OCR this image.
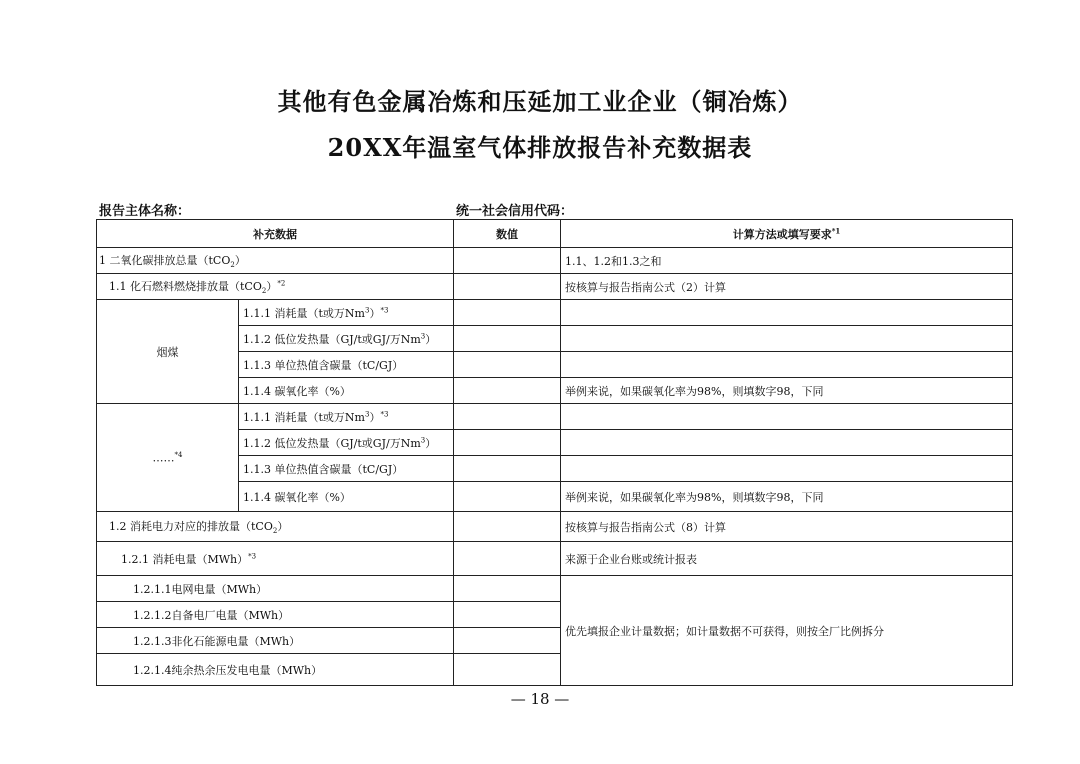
其他有色金属冶炼和压延加工业企业（铜冶炼）
20XX年温室气体排放报告补充数据表
报告主体名称：	统一社会信用代码：
补充数据		数值	计算方法或填写要求$^{*1}$
1 二氧化碳排放总量（tCO$_2$）			1.1、1.2和1.3之和
1.1 化石燃料燃烧排放量$(tCO_2)^{*2}$			按核算与报告指南公式（2）计算
烟煤	1.1.1 消耗量（t或万Nm$^3$）$^{*3}$		
	1.1.2 低位发热量（GJ/t或GJ/万Nm$^3$）		
	1.1.3 单位热值含碳量（tC/GJ）		
	1.1.4 碳氧化率（%）		举例来说，如果碳氧化率为98%，则填数字98，下同
……$^{*4}$	1.1.1 消耗量（t或万Nm$^3$）$^{*3}$		
	1.1.2 低位发热量（GJ/t或GJ/万Nm$^3$）		
	1.1.3 单位热值含碳量（tC/GJ）		
	1.1.4 碳氧化率（%）		举例来说，如果碳氧化率为98%，则填数字98，下同
1.2 消耗电力对应的排放量（tCO$_2$）			按核算与报告指南公式（8）计算
1.2.1 消耗电量（MWh）$^{*3}$			来源于企业台账或统计报表
1.2.1.1电网电量（MWh）			优先填报企业计量数据；如计量数据不可获得，则按全厂比例拆分
1.2.1.2自备电厂电量（MWh）			
1.2.1.3非化石能源电量（MWh）			
1.2.1.4纯余热余压发电电量（MWh）			
— 18 —
